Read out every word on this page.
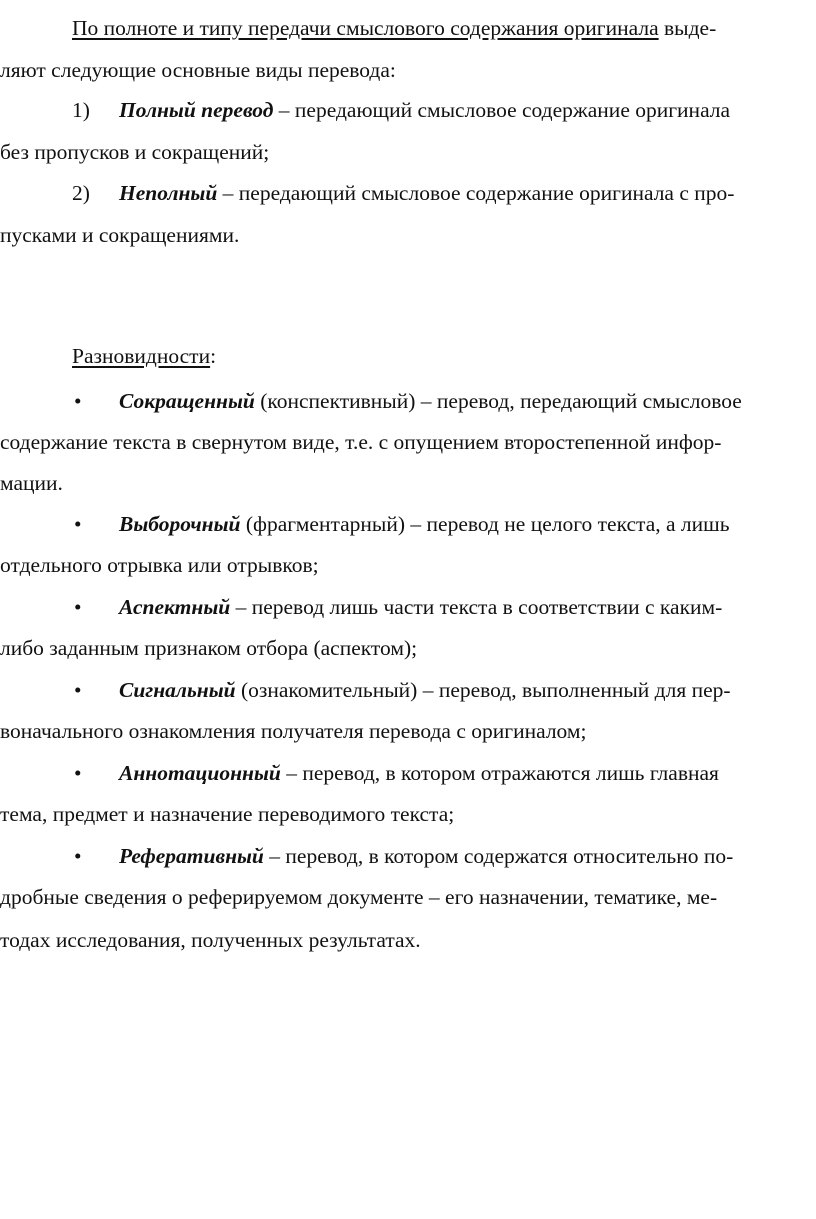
По полноте и типу передачи смыслового содержания оригинала выде-
ляют следующие основные виды перевода:
1) Полный перевод – передающий смысловое содержание оригинала
без пропусков и сокращений;
2) Неполный – передающий смысловое содержание оригинала с про-
пусками и сокращениями.
Разновидности:
• Сокращенный (конспективный) – перевод, передающий смысловое
содержание текста в свернутом виде, т.е. с опущением второстепенной инфор-
мации.
• Выборочный (фрагментарный) – перевод не целого текста, а лишь
отдельного отрывка или отрывков;
• Аспектный – перевод лишь части текста в соответствии с каким-
либо заданным признаком отбора (аспектом);
• Сигнальный (ознакомительный) – перевод, выполненный для пер-
воначального ознакомления получателя перевода с оригиналом;
• Аннотационный – перевод, в котором отражаются лишь главная
тема, предмет и назначение переводимого текста;
• Реферативный – перевод, в котором содержатся относительно по-
дробные сведения о реферируемом документе – его назначении, тематике, ме-
тодах исследования, полученных результатах.
